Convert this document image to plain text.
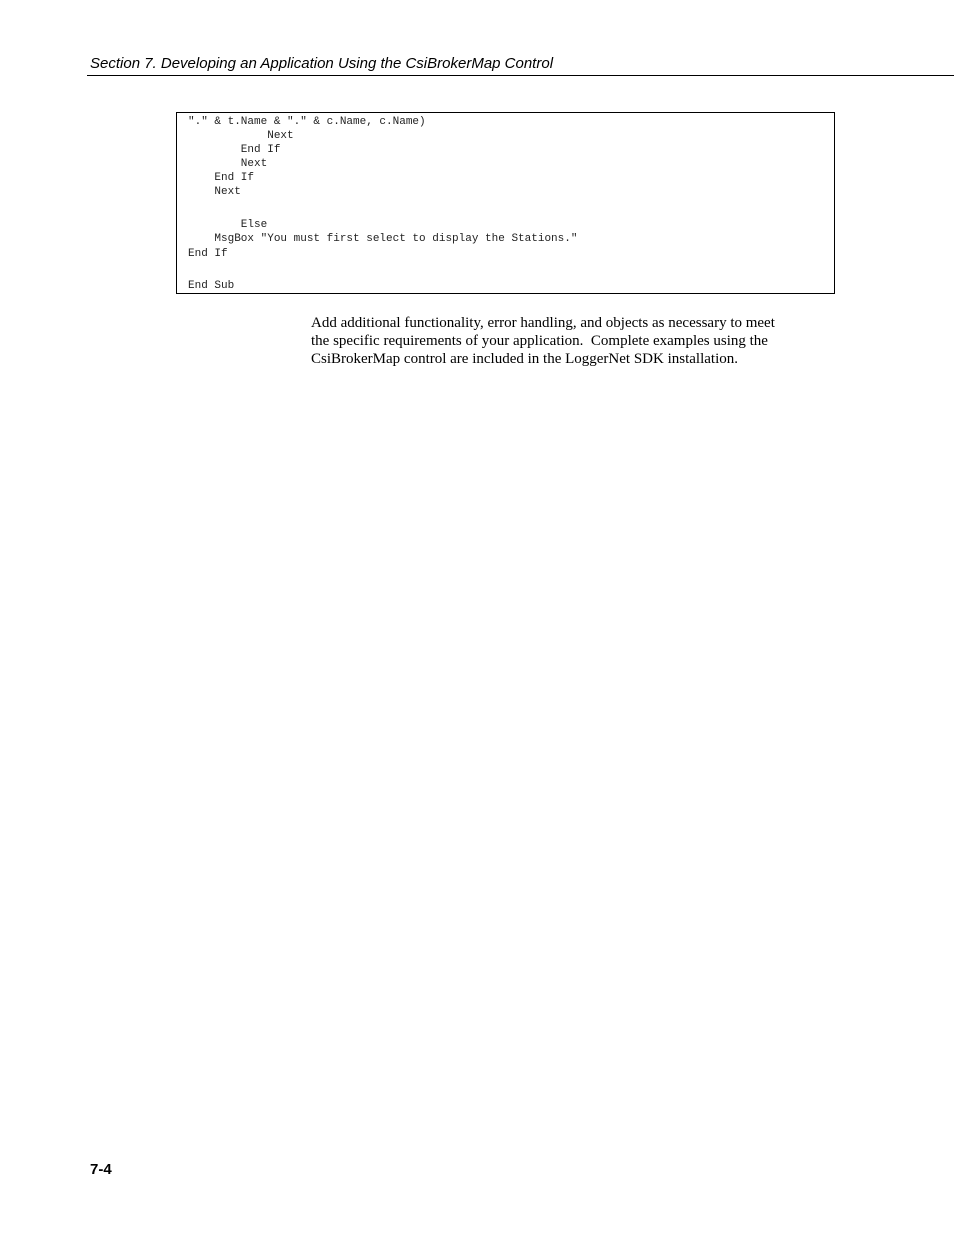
Section 7. Developing an Application Using the CsiBrokerMap Control
"." & t.Name & "." & c.Name, c.Name)
Next
End If
Next
End If
Next
Else
MsgBox "You must first select to display the Stations."
End If
End Sub

Add additional functionality, error handling, and objects as necessary to meet
the specific requirements of your application.  Complete examples using the
CsiBrokerMap control are included in the LoggerNet SDK installation.

7-4
